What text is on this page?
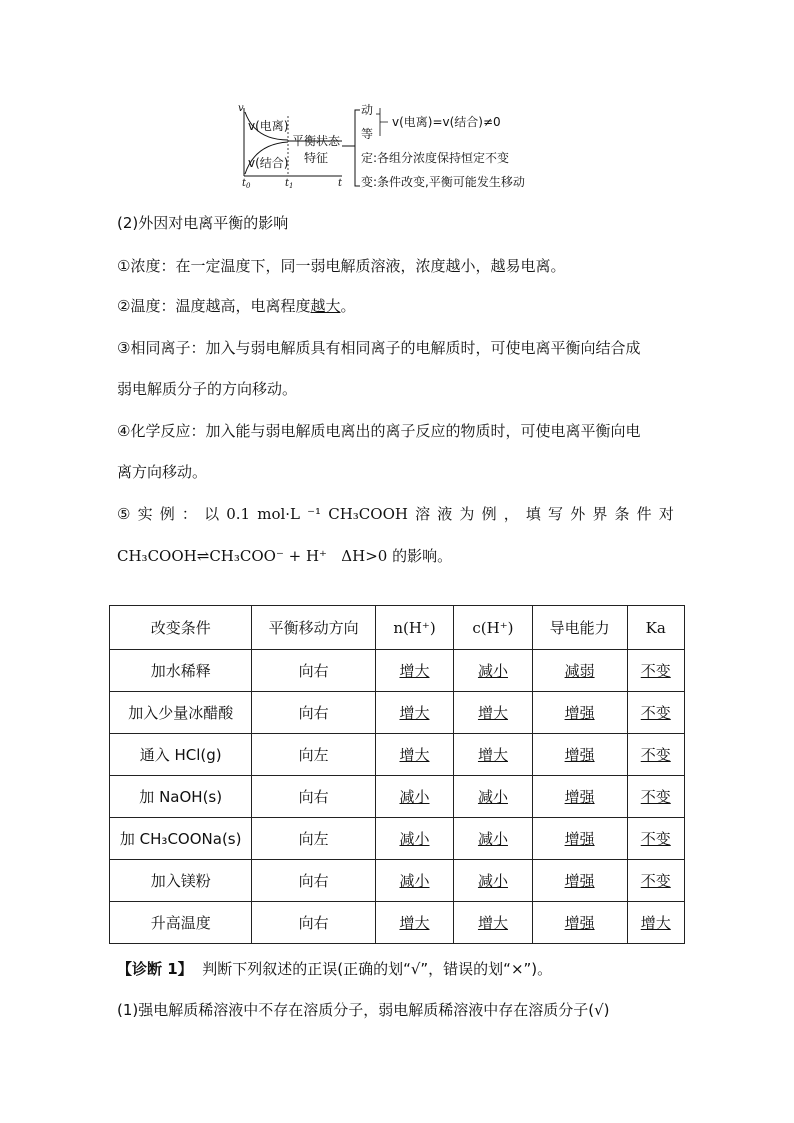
v
t
$t_0$	$t_1$
v(电离)
v(结合)
平衡状态
特征
动
等
v(电离)=v(结合)≠0
定:各组分浓度保持恒定不变
变:条件改变,平衡可能发生移动
(2)外因对电离平衡的影响
①浓度：在一定温度下，同一弱电解质溶液，浓度越小，越易电离。
②温度：温度越高，电离程度越大。
③相同离子：加入与弱电解质具有相同离子的电解质时，可使电离平衡向结合成
弱电解质分子的方向移动。
④化学反应：加入能与弱电解质电离出的离子反应的物质时，可使电离平衡向电
离方向移动。
⑤ 实 例 ： 以 0.1 mol·L ⁻¹ CH₃COOH 溶 液 为 例 ， 填 写 外 界 条 件 对
CH₃COOH⇌CH₃COO⁻ + H⁺ ΔH>0 的影响。
改变条件	平衡移动方向	n(H⁺)	c(H⁺)	导电能力	Ka
加水稀释	向右	增大	减小	减弱	不变
加入少量冰醋酸	向右	增大	增大	增强	不变
通入 HCl(g)	向左	增大	增大	增强	不变
加 NaOH(s)	向右	减小	减小	增强	不变
加 CH₃COONa(s)	向左	减小	减小	增强	不变
加入镁粉	向右	减小	减小	增强	不变
升高温度	向右	增大	增大	增强	增大
【诊断 1】 判断下列叙述的正误(正确的划“√”，错误的划“×”)。
(1)强电解质稀溶液中不存在溶质分子，弱电解质稀溶液中存在溶质分子(√)
